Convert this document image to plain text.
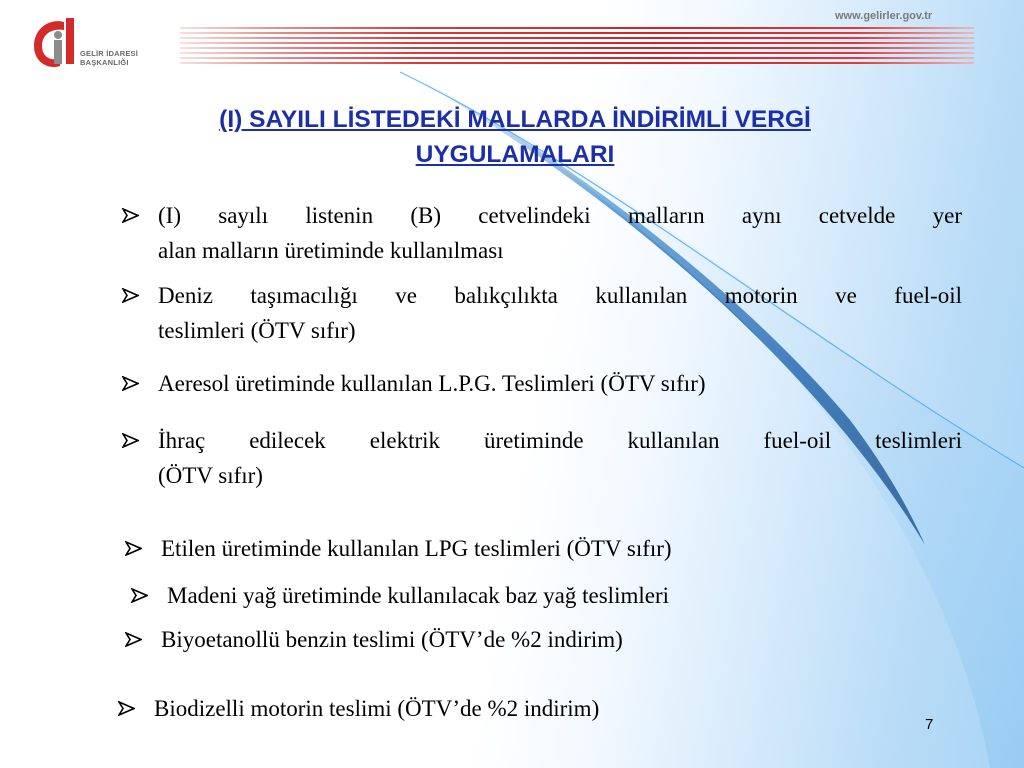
GELİR İDARESİ
BAŞKANLIĞI
www.gelirler.gov.tr
(I) SAYILI LİSTEDEKİ MALLARDA İNDİRİMLİ VERGİ
UYGULAMALARI
(I) sayılı listenin (B) cetvelindeki malların aynı cetvelde yer
alan malların üretiminde kullanılması
Deniz taşımacılığı ve balıkçılıkta kullanılan motorin ve fuel-oil
teslimleri (ÖTV sıfır)
Aeresol üretiminde kullanılan L.P.G. Teslimleri (ÖTV sıfır)
İhraç edilecek elektrik üretiminde kullanılan fuel-oil teslimleri
(ÖTV sıfır)
Etilen üretiminde kullanılan LPG teslimleri (ÖTV sıfır)
Madeni yağ üretiminde kullanılacak baz yağ teslimleri
Biyoetanollü benzin teslimi (ÖTV’de %2 indirim)
Biodizelli motorin teslimi (ÖTV’de %2 indirim)
7
